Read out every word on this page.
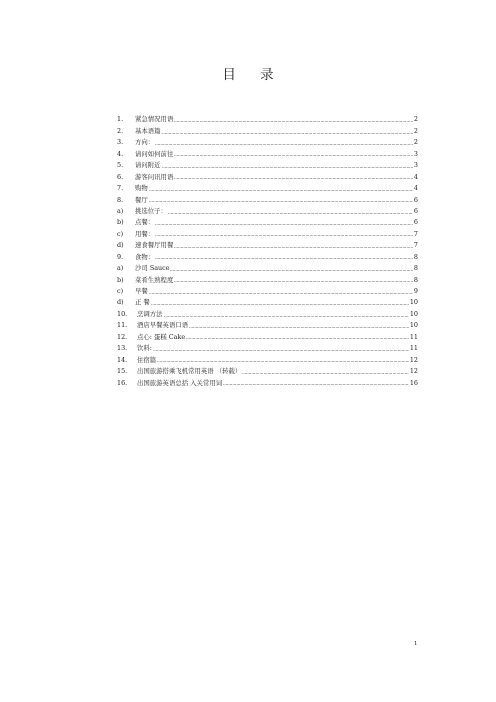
目 录
1.	紧急情况用语	2
2.	基本语篇	2
3.	方向：	2
4.	请问如何前往	3
5.	请问附近	3
6.	游客问讯用语	4
7.	购物	4
8.	餐厅	6
a)	挑选位子：	6
b)	点餐：	6
c)	用餐：	7
d)	速食餐厅用餐	7
9.	食物：	8
a)	沙司 Sauce	8
b)	菜肴生熟程度	8
c)	早餐	9
d)	正 餐	10
10.	烹调方法	10
11.	酒店早餐英语口语	10
12.	点心: 蛋糕 Cake	11
13.	饮料:	11
14.	住宿篇	12
15.	出国旅游搭乘飞机常用英语 （转载）	12
16.	出国旅游英语总括 入关常用词	16
1
